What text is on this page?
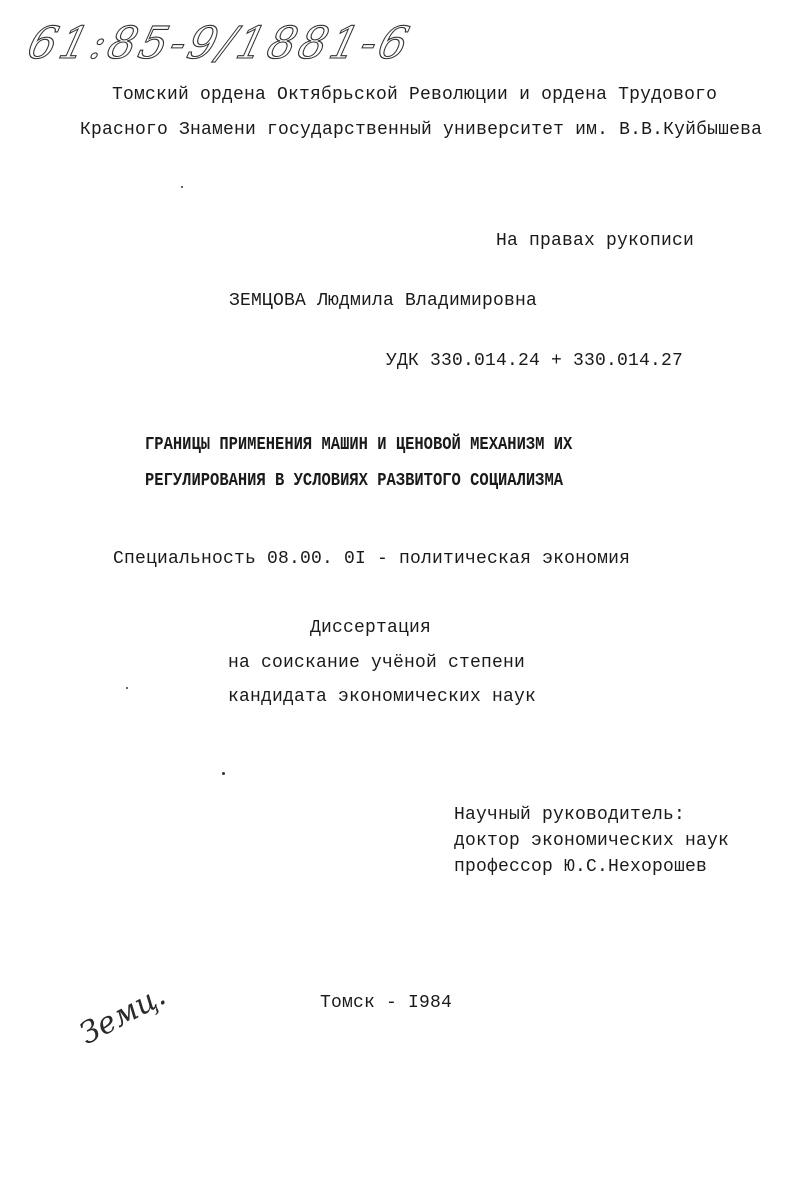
61:85-9/1881-6
Томский ордена Октябрьской Революции и ордена Трудового
Красного Знамени государственный университет им. В.В.Куйбышева
На правах рукописи
ЗЕМЦОВА Людмила Владимировна
УДК 330.014.24 + 330.014.27
ГРАНИЦЫ ПРИМЕНЕНИЯ МАШИН И ЦЕНОВОЙ МЕХАНИЗМ ИХ
РЕГУЛИРОВАНИЯ В УСЛОВИЯХ РАЗВИТОГО СОЦИАЛИЗМА
Специальность 08.00. 0I - политическая экономия
Диссертация
на соискание учёной степени
кандидата экономических наук
Научный руководитель:
доктор экономических наук
профессор Ю.С.Нехорошев
Томск - I984
Земц.
